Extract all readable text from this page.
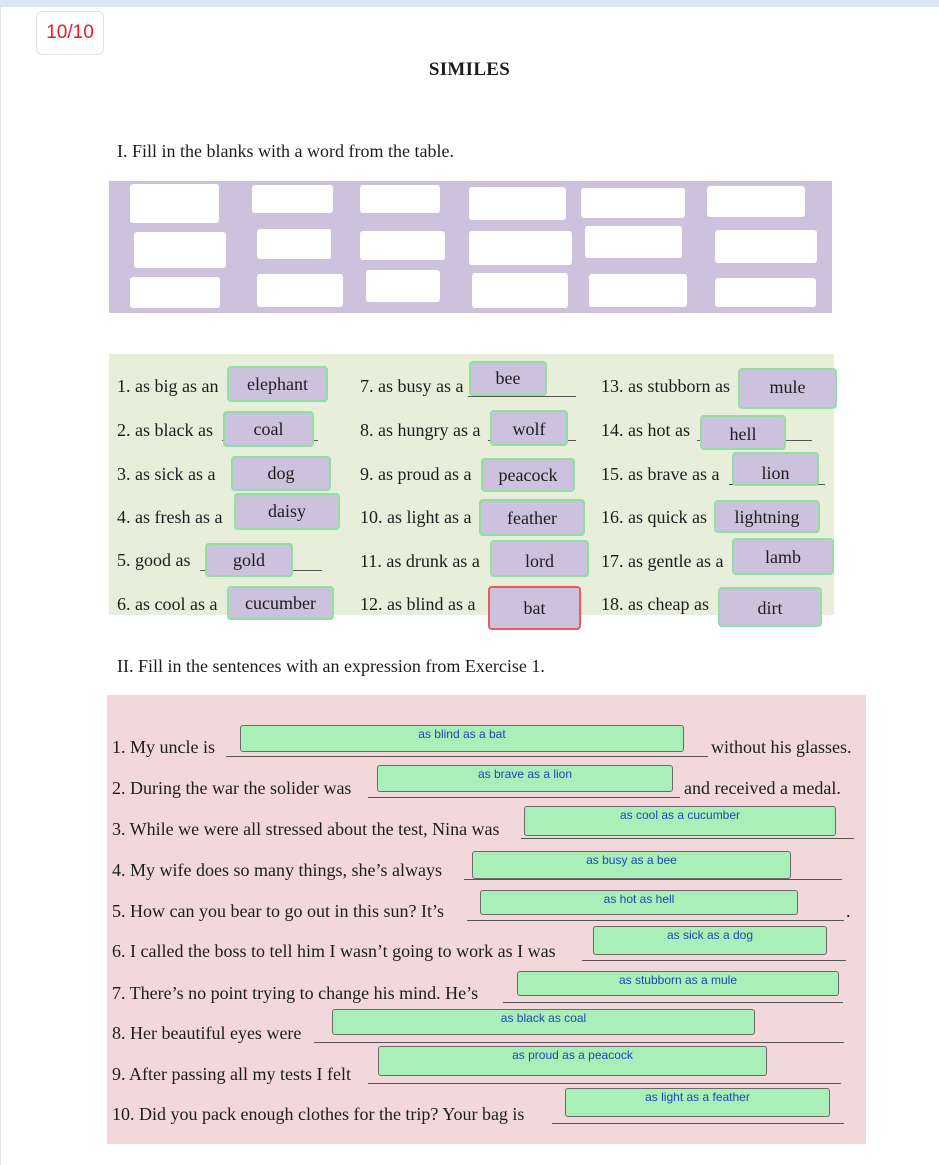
10/10
SIMILES
I. Fill in the blanks with a word from the table.
1. as big as an	elephant
2. as black as	coal
3. as sick as a	dog
4. as fresh as a	daisy
5. good as	gold
6. as cool as a	cucumber
7. as busy as a	bee
8. as hungry as a	wolf
9. as proud as a	peacock
10. as light as a	feather
11. as drunk as a	lord
12. as blind as a	bat
13. as stubborn as	mule
14. as hot as	hell
15. as brave as a	lion
16. as quick as	lightning
17. as gentle as a	lamb
18. as cheap as	dirt
II. Fill in the sentences with an expression from Exercise 1.
1. My uncle is
as blind as a bat
without his glasses.
2. During the war the solider was
as brave as a lion
and received a medal.
3. While we were all stressed about the test, Nina was
as cool as a cucumber
4. My wife does so many things, she’s always	as busy as a bee
5. How can you bear to go out in this sun? It’s
as hot as hell
.
6. I called the boss to tell him I wasn’t going to work as I was
as sick as a dog
7. There’s no point trying to change his mind. He’s
as stubborn as a mule
8. Her beautiful eyes were
as black as coal
9. After passing all my tests I felt
as proud as a peacock
10. Did you pack enough clothes for the trip? Your bag is
as light as a feather
